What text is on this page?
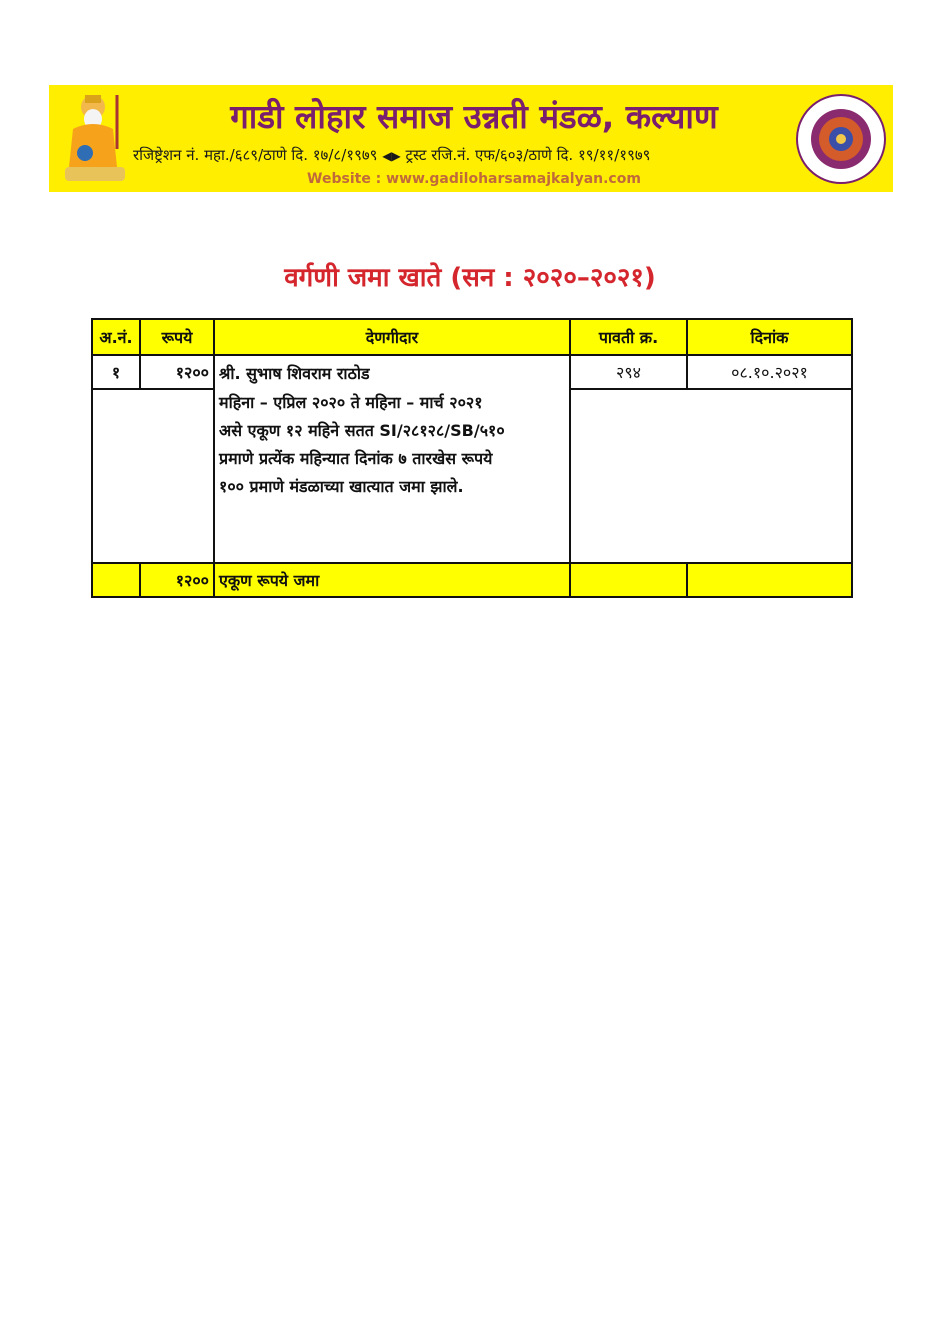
गाडी लोहार समाज उन्नती मंडळ, कल्याण
रजिष्ट्रेशन नं. महा./६८९/ठाणे दि. १७/८/१९७९ ◀▶ ट्रस्ट रजि.नं. एफ/६०३/ठाणे दि. १९/११/१९७९
Website : www.gadiloharsamajkalyan.com
वर्गणी जमा खाते (सन : २०२०–२०२१)
अ.नं.	रूपये	देणगीदार	पावती क्र.	दिनांक
१	१२००	श्री. सुभाष शिवराम राठोड	२९४	०८.१०.२०२१

		महिना – एप्रिल २०२० ते महिना – मार्च २०२१
असे एकूण १२ महिने सतत SI/२८१२८/SB/५१०
प्रमाणे प्रत्येंक महिन्यात दिनांक ७ तारखेस रूपये
१०० प्रमाणे मंडळाच्या खात्यात जमा झाले.		

	१२००	एकूण रूपये जमा		
